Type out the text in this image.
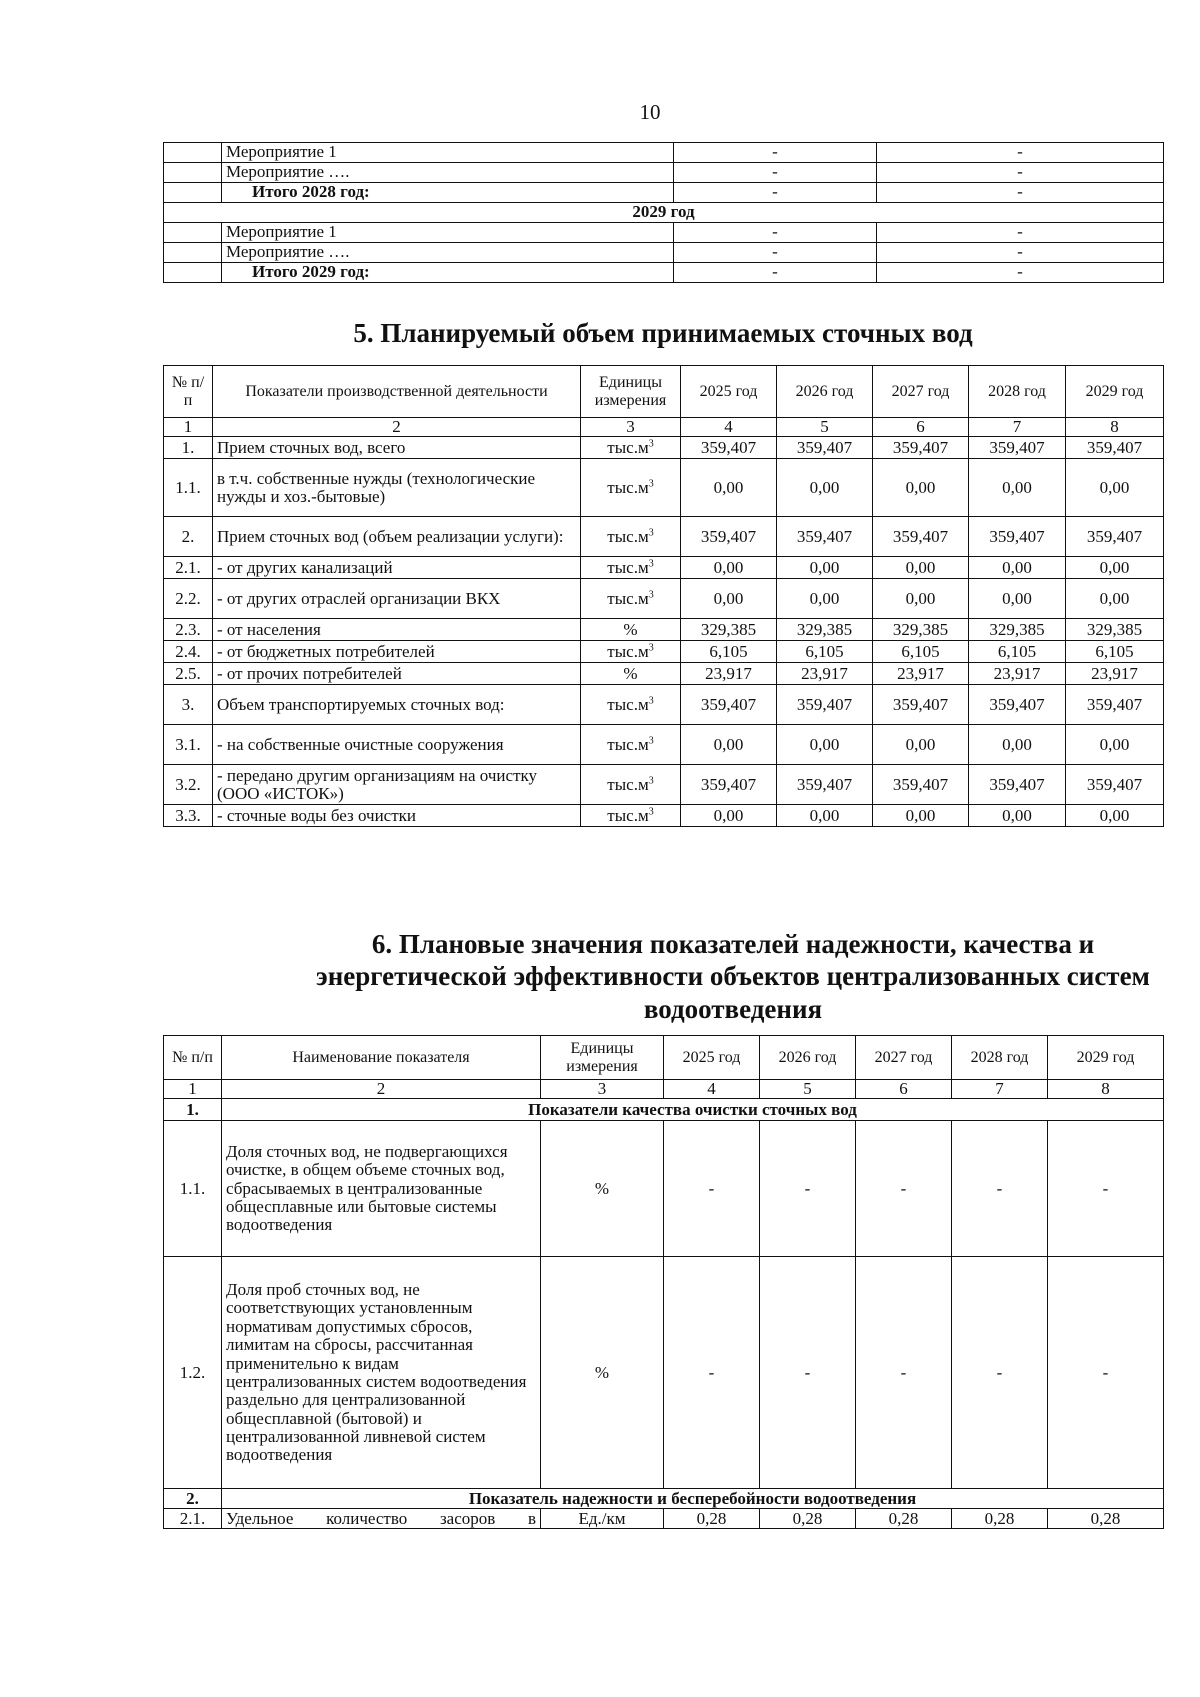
10
	Мероприятие 1	-	-
	Мероприятие ….	-	-
	Итого 2028 год:	-	-
2029 год			
	Мероприятие 1	-	-
	Мероприятие ….	-	-
	Итого 2029 год:	-	-
5. Планируемый объем принимаемых сточных вод
№ п/п	Показатели производственной деятельности	Единицы измерения	2025 год	2026 год	2027 год	2028 год	2029 год
1	2	3	4	5	6	7	8
1.	Прием сточных вод, всего	$тыс.м^3$	359,407	359,407	359,407	359,407	359,407
1.1.	в т.ч. собственные нужды (технологические нужды и хоз.-бытовые)	$тыс.м^3$	0,00	0,00	0,00	0,00	0,00
2.	Прием сточных вод (объем реализации услуги):	$тыс.м^3$	359,407	359,407	359,407	359,407	359,407
2.1.	- от других канализаций	$тыс.м^3$	0,00	0,00	0,00	0,00	0,00
2.2.	- от других отраслей организации ВКХ	$тыс.м^3$	0,00	0,00	0,00	0,00	0,00
2.3.	- от населения	%	329,385	329,385	329,385	329,385	329,385
2.4.	- от бюджетных потребителей	$тыс.м^3$	6,105	6,105	6,105	6,105	6,105
2.5.	- от прочих потребителей	%	23,917	23,917	23,917	23,917	23,917
3.	Объем транспортируемых сточных вод:	$тыс.м^3$	359,407	359,407	359,407	359,407	359,407
3.1.	- на собственные очистные сооружения	$тыс.м^3$	0,00	0,00	0,00	0,00	0,00
3.2.	- передано другим организациям на очистку (ООО «ИСТОК»)	$тыс.м^3$	359,407	359,407	359,407	359,407	359,407
3.3.	- сточные воды без очистки	$тыс.м^3$	0,00	0,00	0,00	0,00	0,00
6. Плановые значения показателей надежности, качества и
энергетической эффективности объектов централизованных систем
водоотведения
№ п/п	Наименование показателя	Единицы измерения	2025 год	2026 год	2027 год	2028 год	2029 год
1	2	3	4	5	6	7	8
1.	Показатели качества очистки сточных вод						
1.1.	Доля сточных вод, не подвергающихся очистке, в общем объеме сточных вод, сбрасываемых в централизованные общесплавные или бытовые системы водоотведения	%	-	-	-	-	-
1.2.	Доля проб сточных вод, не соответствующих установленным нормативам допустимых сбросов, лимитам на сбросы, рассчитанная применительно к видам централизованных систем водоотведения раздельно для централизованной общесплавной (бытовой) и централизованной ливневой систем водоотведения	%	-	-	-	-	-
2.	Показатель надежности и бесперебойности водоотведения						
2.1.	Удельное количество засоров в	Ед./км	0,28	0,28	0,28	0,28	0,28
